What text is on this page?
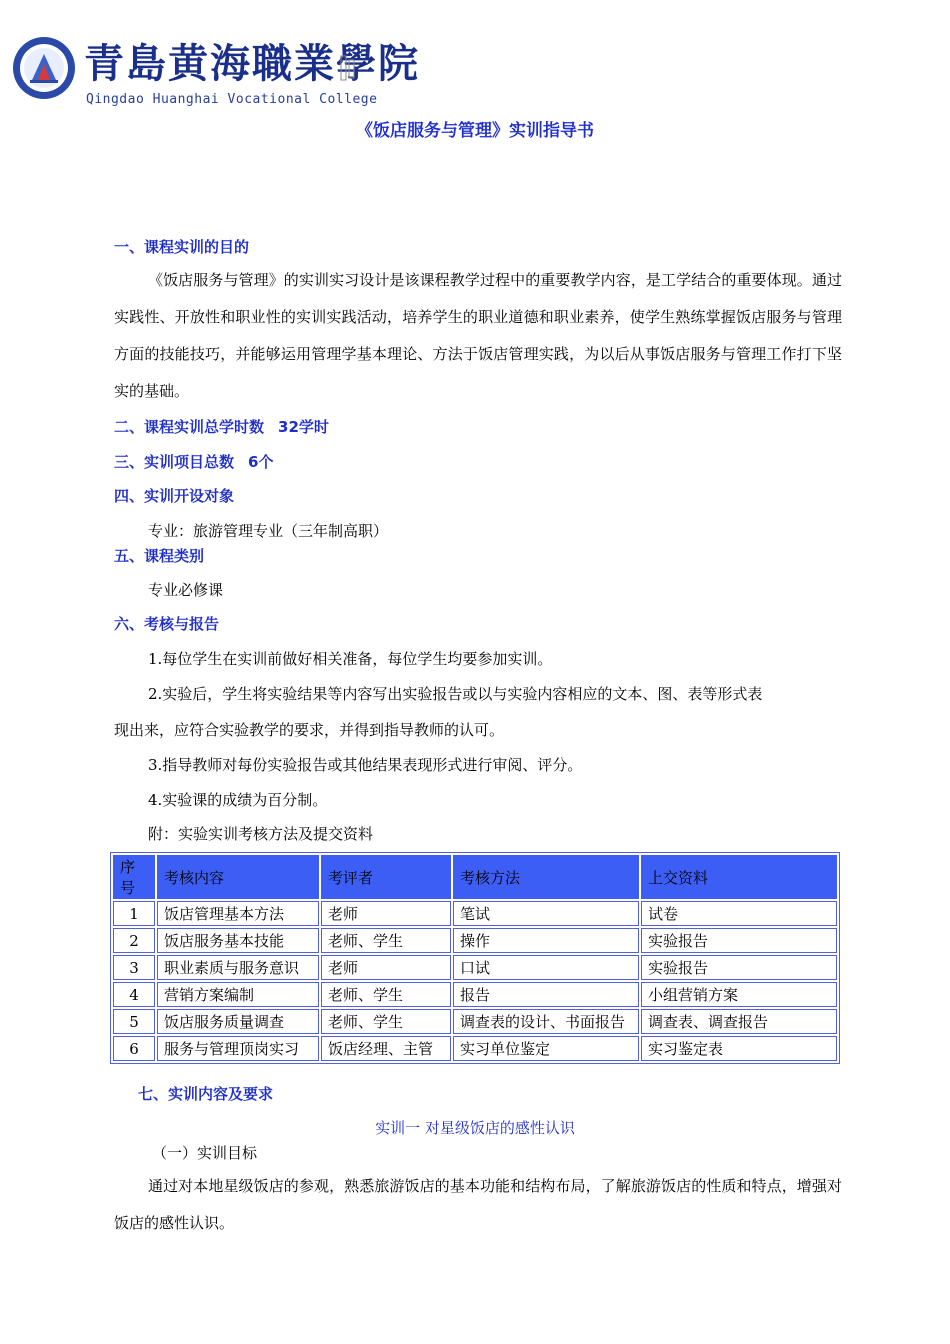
青島黄海職業學院
Qingdao Huanghai Vocational College
《饭店服务与管理》实训指导书
一、课程实训的目的
《饭店服务与管理》的实训实习设计是该课程教学过程中的重要教学内容，是工学结合的重要体现。通过实践性、开放性和职业性的实训实践活动，培养学生的职业道德和职业素养，使学生熟练掌握饭店服务与管理方面的技能技巧，并能够运用管理学基本理论、方法于饭店管理实践，为以后从事饭店服务与管理工作打下坚实的基础。
二、课程实训总学时数 32学时
三、实训项目总数 6个
四、实训开设对象
专业：旅游管理专业（三年制高职）
五、课程类别
专业必修课
六、考核与报告
1.每位学生在实训前做好相关准备，每位学生均要参加实训。
2.实验后，学生将实验结果等内容写出实验报告或以与实验内容相应的文本、图、表等形式表
现出来，应符合实验教学的要求，并得到指导教师的认可。
3.指导教师对每份实验报告或其他结果表现形式进行审阅、评分。
4.实验课的成绩为百分制。
附：实验实训考核方法及提交资料
序号	考核内容	考评者	考核方法	上交资料
1	饭店管理基本方法	老师	笔试	试卷
2	饭店服务基本技能	老师、学生	操作	实验报告
3	职业素质与服务意识	老师	口试	实验报告
4	营销方案编制	老师、学生	报告	小组营销方案
5	饭店服务质量调查	老师、学生	调查表的设计、书面报告	调查表、调查报告
6	服务与管理顶岗实习	饭店经理、主管	实习单位鉴定	实习鉴定表
七、实训内容及要求
实训一 对星级饭店的感性认识
（一）实训目标
通过对本地星级饭店的参观，熟悉旅游饭店的基本功能和结构布局，了解旅游饭店的性质和特点，增强对饭店的感性认识。
